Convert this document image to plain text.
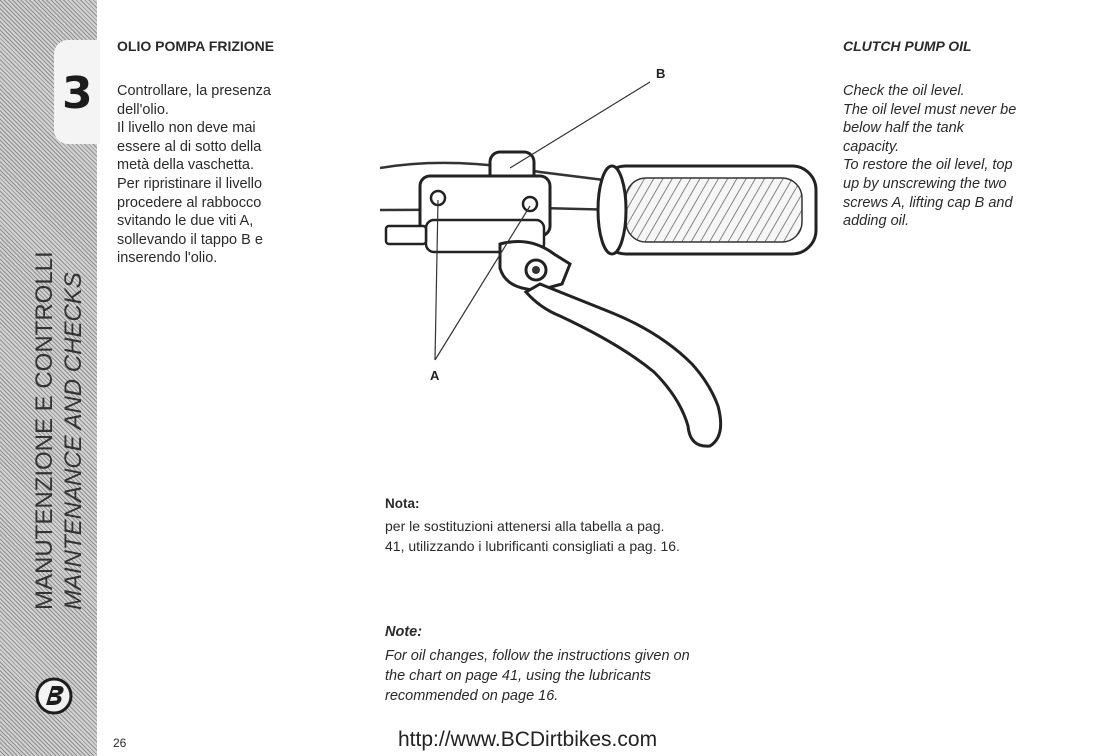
3
MANUTENZIONE E CONTROLLI MAINTENANCE AND CHECKS
OLIO POMPA FRIZIONE
Controllare, la presenza
dell'olio.
Il livello non deve mai
essere al di sotto della
metà della vaschetta.
Per ripristinare il livello
procedere al rabbocco
svitando le due viti A,
sollevando il tappo B e
inserendo l'olio.
CLUTCH PUMP OIL
Check the oil level.
The oil level must never be
below half the tank
capacity.
To restore the oil level, top
up by unscrewing the two
screws A, lifting cap B and
adding oil.
A
B
Nota:
per le sostituzioni attenersi alla tabella a pag.
41, utilizzando i lubrificanti consigliati a pag. 16.
Note:
For oil changes, follow the instructions given on
the chart on page 41, using the lubricants
recommended on page 16.
26	http://www.BCDirtbikes.com
